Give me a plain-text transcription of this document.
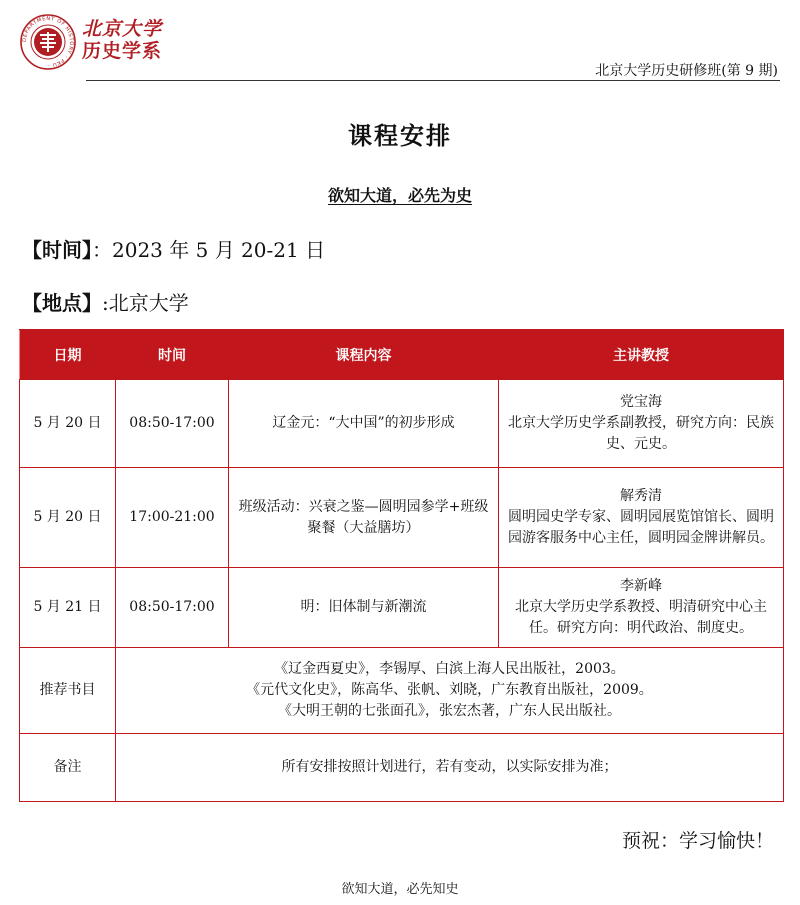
DEPARTMENT OF HISTORY · PKU ·
北京大学
历史学系
北京大学历史研修班(第 9 期)
课程安排
欲知大道，必先为史
【时间】：2023 年 5 月 20-21 日
【地点】:北京大学
日期	时间	课程内容	主讲教授
5 月 20 日	08:50-17:00	辽金元：“大中国”的初步形成	党宝海
北京大学历史学系副教授，研究方向：民族史、元史。
5 月 20 日	17:00-21:00	班级活动：兴衰之鉴—圆明园参学+班级聚餐（大益膳坊）	解秀清
圆明园史学专家、圆明园展览馆馆长、圆明园游客服务中心主任，圆明园金牌讲解员。
5 月 21 日	08:50-17:00	明：旧体制与新潮流	李新峰
北京大学历史学系教授、明清研究中心主任。研究方向：明代政治、制度史。
推荐书目	《辽金西夏史》，李锡厚、白滨上海人民出版社，2003。
《元代文化史》，陈高华、张帆、刘晓，广东教育出版社，2009。
《大明王朝的七张面孔》，张宏杰著，广东人民出版社。		

备注	所有安排按照计划进行，若有变动，以实际安排为准；		
预祝：学习愉快！
欲知大道，必先知史
